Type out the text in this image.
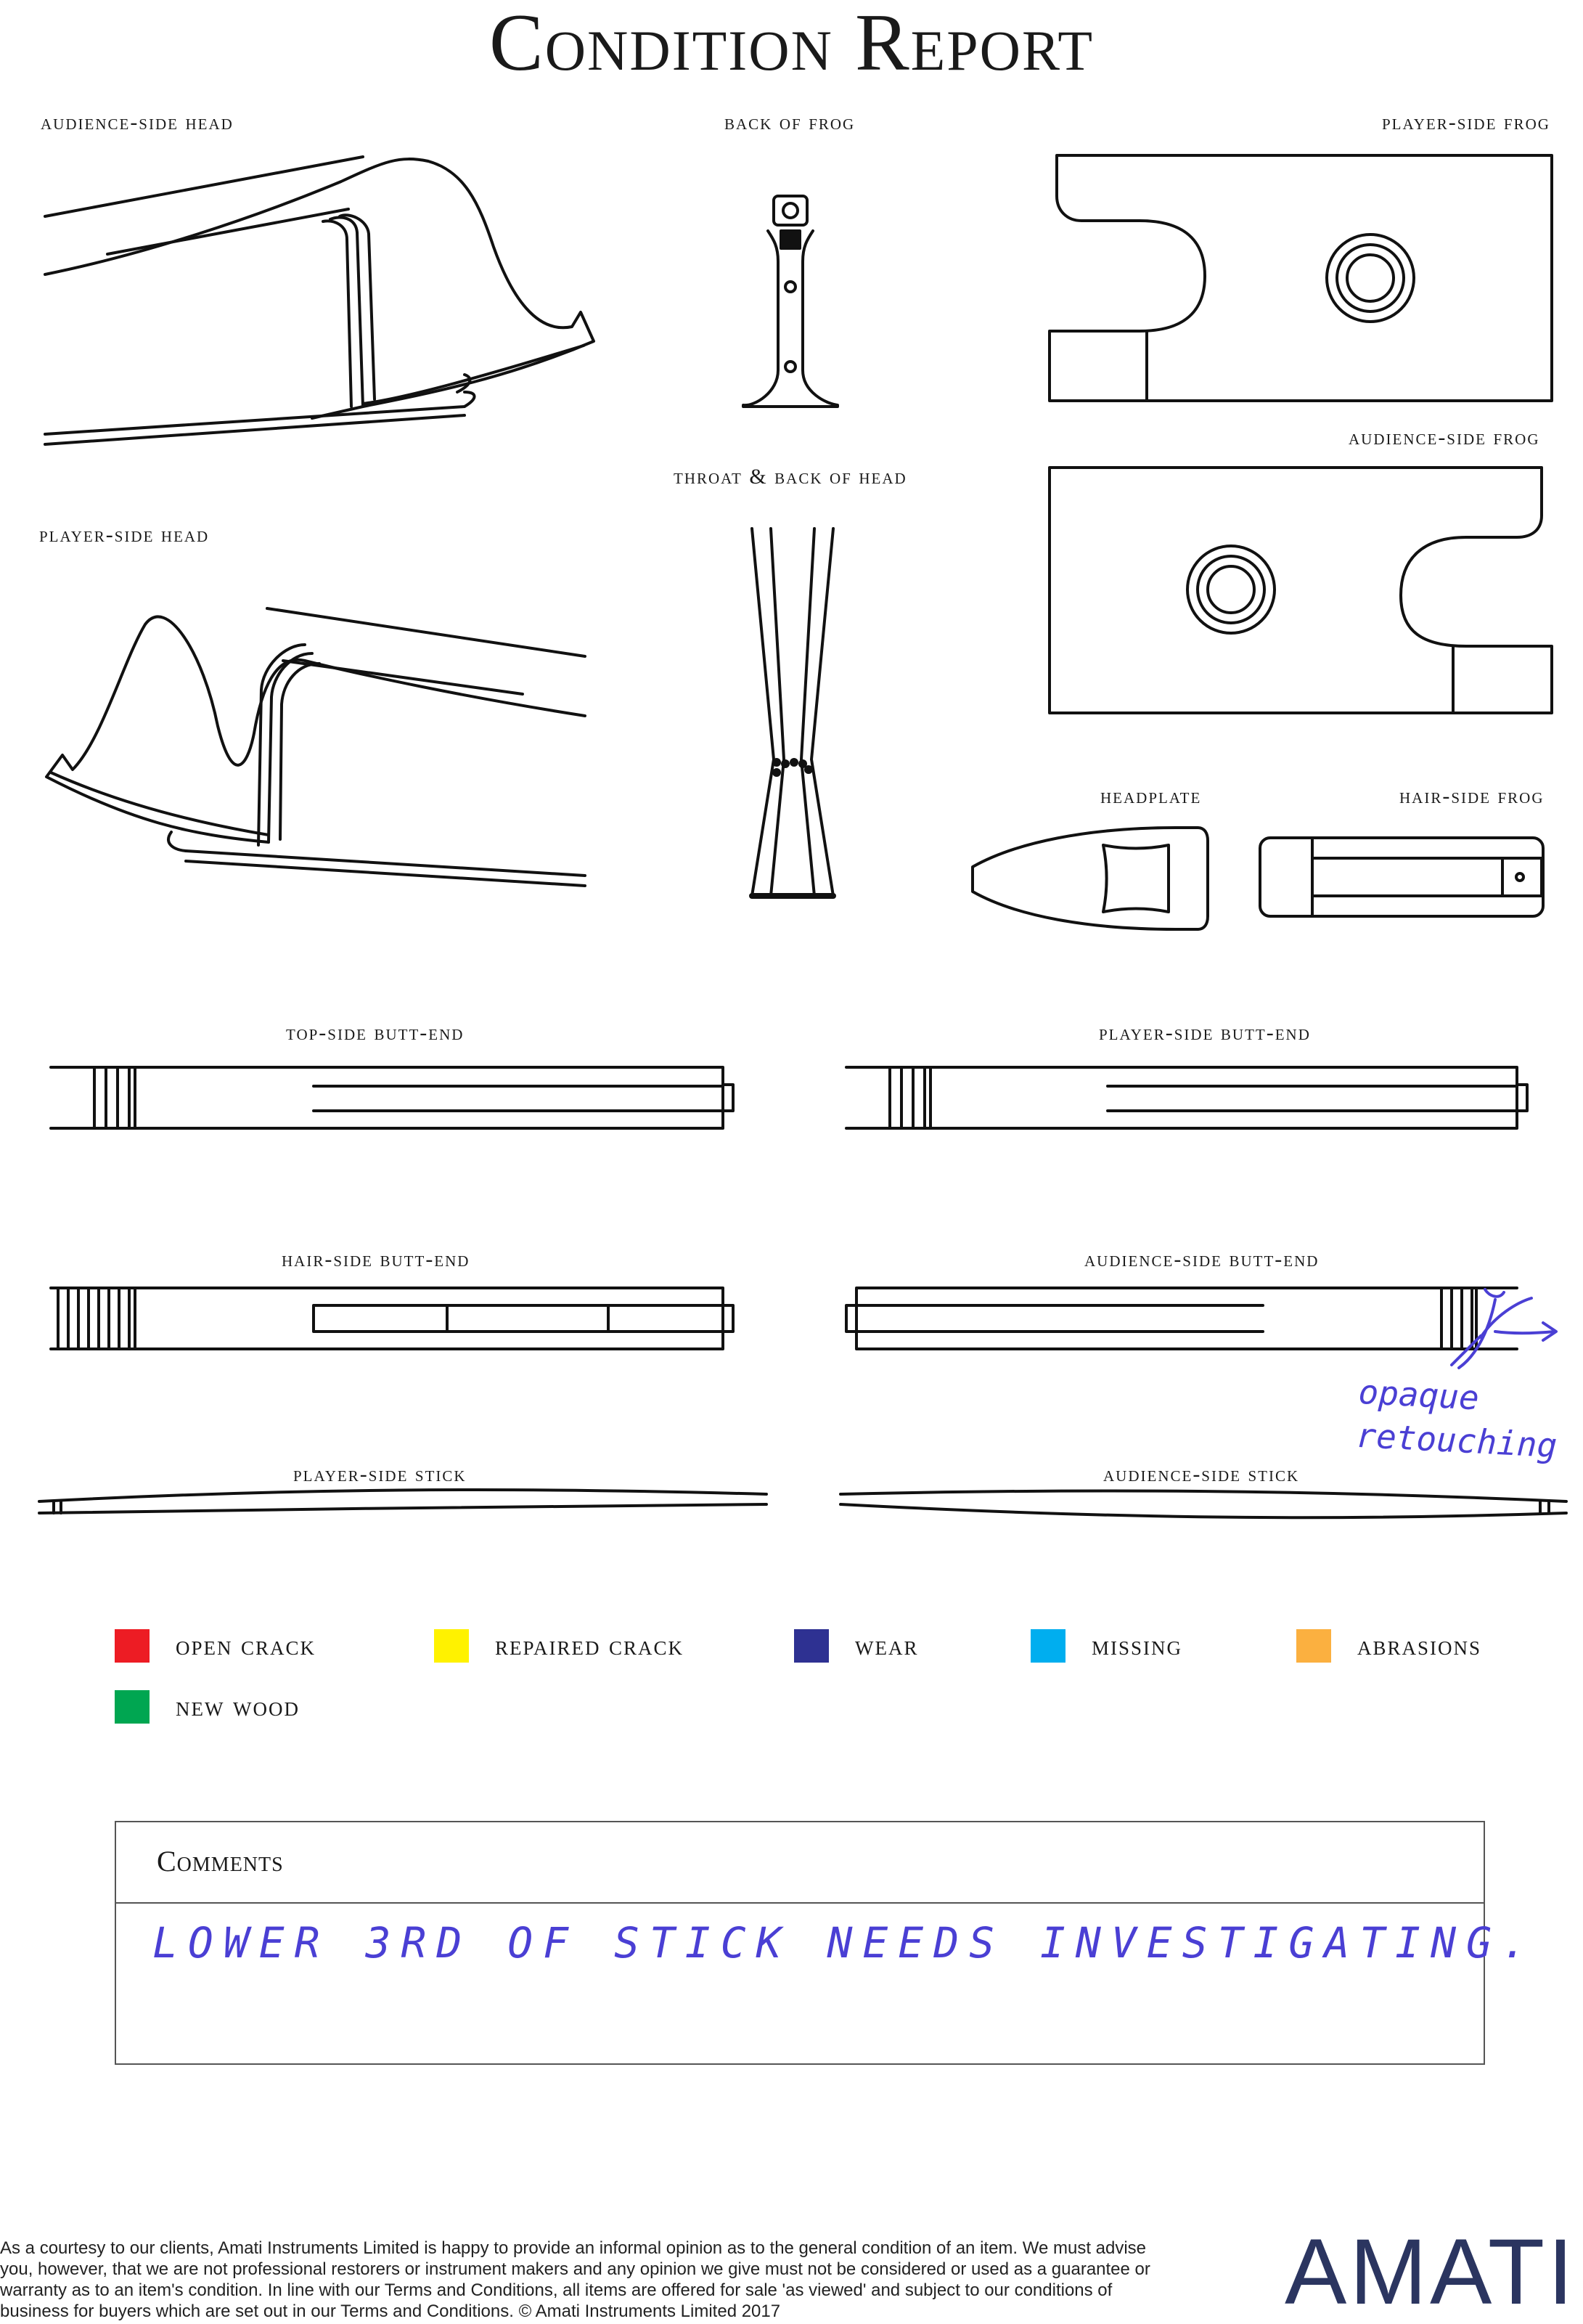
Condition Report
audience-side head	back of frog	player-side frog
audience-side frog
throat & back of head
player-side head
headplate	hair-side frog
top-side butt-end	player-side butt-end
hair-side butt-end	audience-side butt-end
player-side stick	audience-side stick
opaque
retouching
open crack	repaired crack	wear	missing	abrasions
new wood
Comments
LOWER 3RD OF STICK NEEDS INVESTIGATING.
As a courtesy to our clients, Amati Instruments Limited is happy to provide an informal opinion as to the general condition of an item. We must advise you, however, that we are not professional restorers or instrument makers and any opinion we give must not be considered or used as a guarantee or warranty as to an item's condition. In line with our Terms and Conditions, all items are offered for sale 'as viewed' and subject to our conditions of business for buyers which are set out in our Terms and Conditions. © Amati Instruments Limited 2017	AMATI
